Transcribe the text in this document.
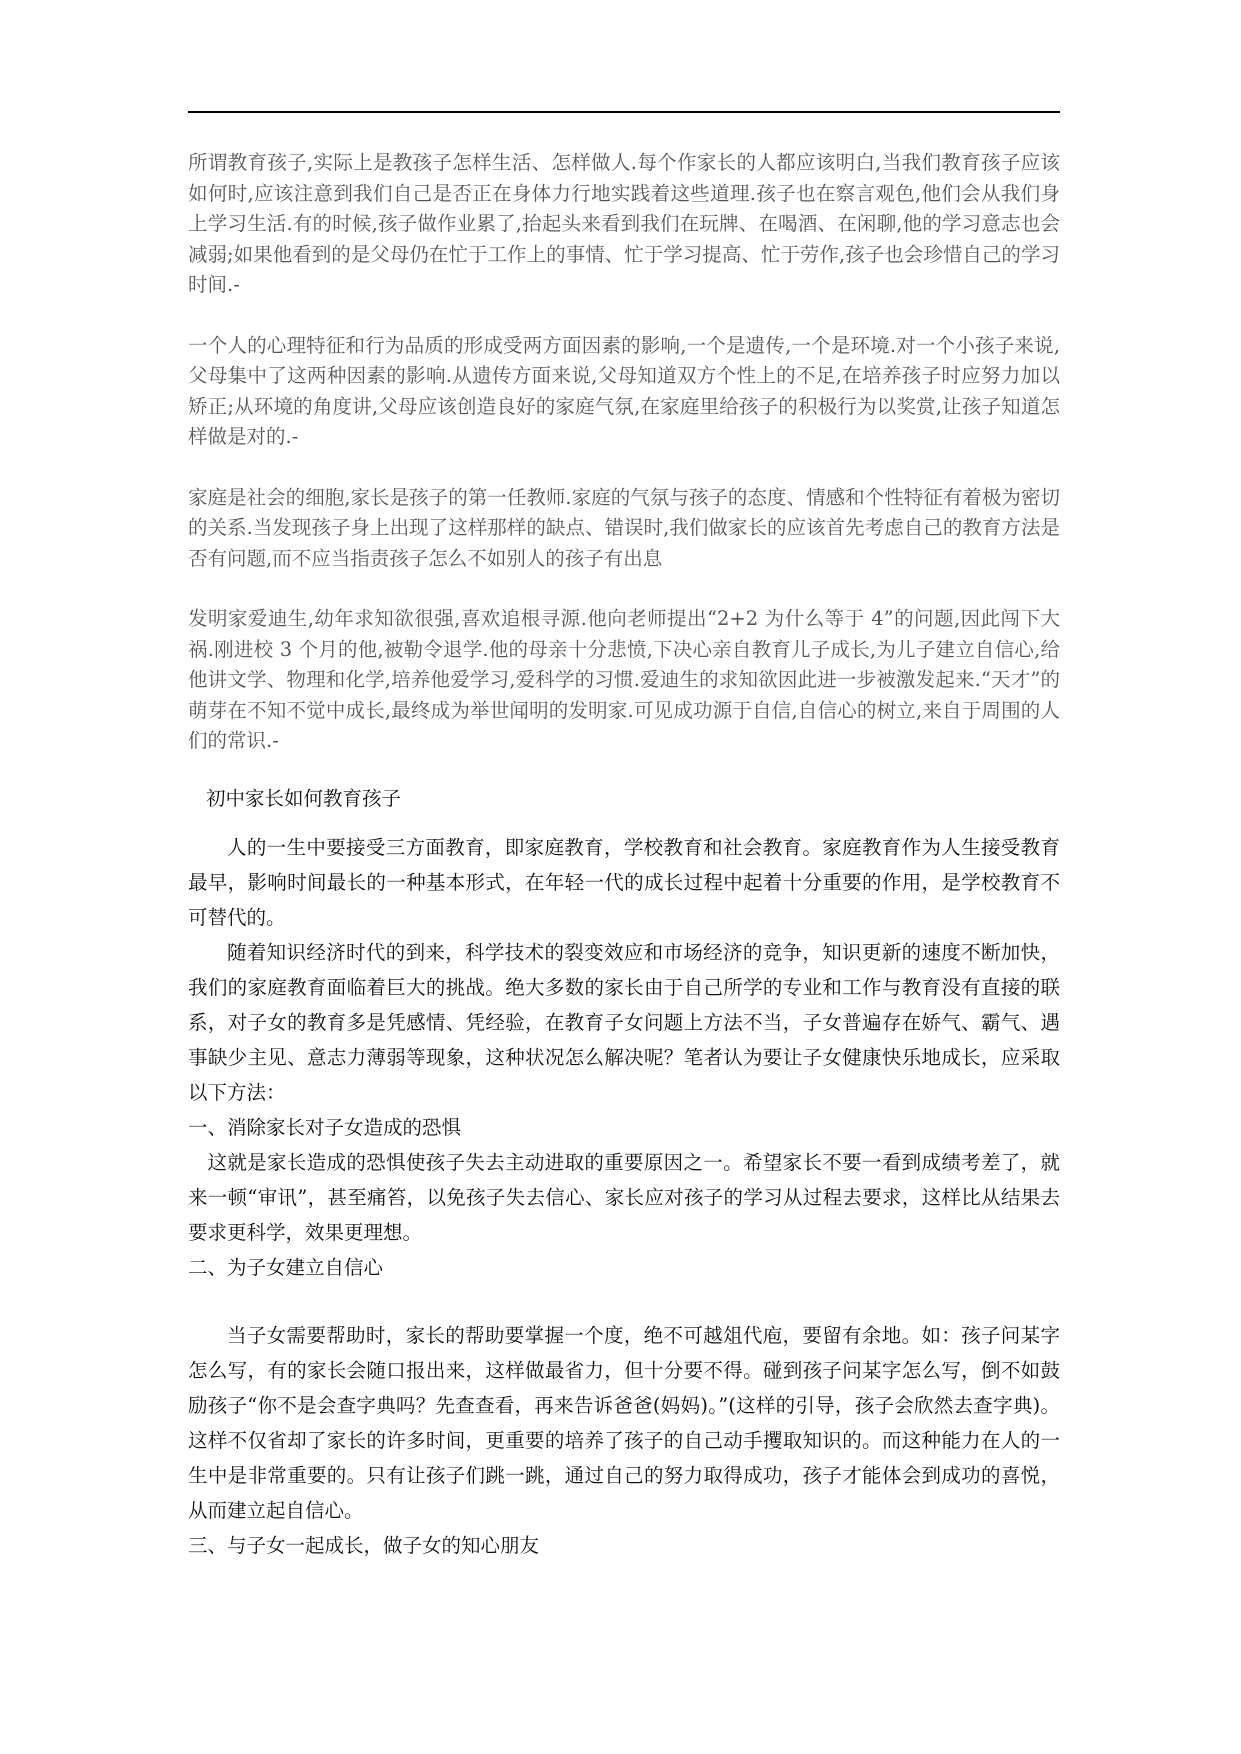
所谓教育孩子,实际上是教孩子怎样生活、怎样做人.每个作家长的人都应该明白,当我们教育孩子应该如何时,应该注意到我们自己是否正在身体力行地实践着这些道理.孩子也在察言观色,他们会从我们身上学习生活.有的时候,孩子做作业累了,抬起头来看到我们在玩牌、在喝酒、在闲聊,他的学习意志也会减弱;如果他看到的是父母仍在忙于工作上的事情、忙于学习提高、忙于劳作,孩子也会珍惜自己的学习时间.-

一个人的心理特征和行为品质的形成受两方面因素的影响,一个是遗传,一个是环境.对一个小孩子来说,父母集中了这两种因素的影响.从遗传方面来说,父母知道双方个性上的不足,在培养孩子时应努力加以矫正;从环境的角度讲,父母应该创造良好的家庭气氛,在家庭里给孩子的积极行为以奖赏,让孩子知道怎样做是对的.-

家庭是社会的细胞,家长是孩子的第一任教师.家庭的气氛与孩子的态度、情感和个性特征有着极为密切的关系.当发现孩子身上出现了这样那样的缺点、错误时,我们做家长的应该首先考虑自己的教育方法是否有问题,而不应当指责孩子怎么不如别人的孩子有出息

发明家爱迪生,幼年求知欲很强,喜欢追根寻源.他向老师提出“2+2 为什么等于 4”的问题,因此闯下大祸.刚进校 3 个月的他,被勒令退学.他的母亲十分悲愤,下决心亲自教育儿子成长,为儿子建立自信心,给他讲文学、物理和化学,培养他爱学习,爱科学的习惯.爱迪生的求知欲因此进一步被激发起来.“天才”的萌芽在不知不觉中成长,最终成为举世闻明的发明家.可见成功源于自信,自信心的树立,来自于周围的人们的常识.-

初中家长如何教育孩子

人的一生中要接受三方面教育，即家庭教育，学校教育和社会教育。家庭教育作为人生接受教育最早，影响时间最长的一种基本形式，在年轻一代的成长过程中起着十分重要的作用，是学校教育不可替代的。

随着知识经济时代的到来，科学技术的裂变效应和市场经济的竞争，知识更新的速度不断加快，我们的家庭教育面临着巨大的挑战。绝大多数的家长由于自己所学的专业和工作与教育没有直接的联系，对子女的教育多是凭感情、凭经验，在教育子女问题上方法不当，子女普遍存在娇气、霸气、遇事缺少主见、意志力薄弱等现象，这种状况怎么解决呢？笔者认为要让子女健康快乐地成长，应采取以下方法：

一、消除家长对子女造成的恐惧

这就是家长造成的恐惧使孩子失去主动进取的重要原因之一。希望家长不要一看到成绩考差了，就来一顿“审讯”，甚至痛笞，以免孩子失去信心、家长应对孩子的学习从过程去要求，这样比从结果去要求更科学，效果更理想。

二、为子女建立自信心

当子女需要帮助时，家长的帮助要掌握一个度，绝不可越俎代庖，要留有余地。如：孩子问某字怎么写，有的家长会随口报出来，这样做最省力，但十分要不得。碰到孩子问某字怎么写，倒不如鼓励孩子“你不是会查字典吗？先查查看，再来告诉爸爸(妈妈)。”(这样的引导，孩子会欣然去查字典)。这样不仅省却了家长的许多时间，更重要的培养了孩子的自己动手攫取知识的。而这种能力在人的一生中是非常重要的。只有让孩子们跳一跳，通过自己的努力取得成功，孩子才能体会到成功的喜悦，从而建立起自信心。

三、与子女一起成长，做子女的知心朋友
